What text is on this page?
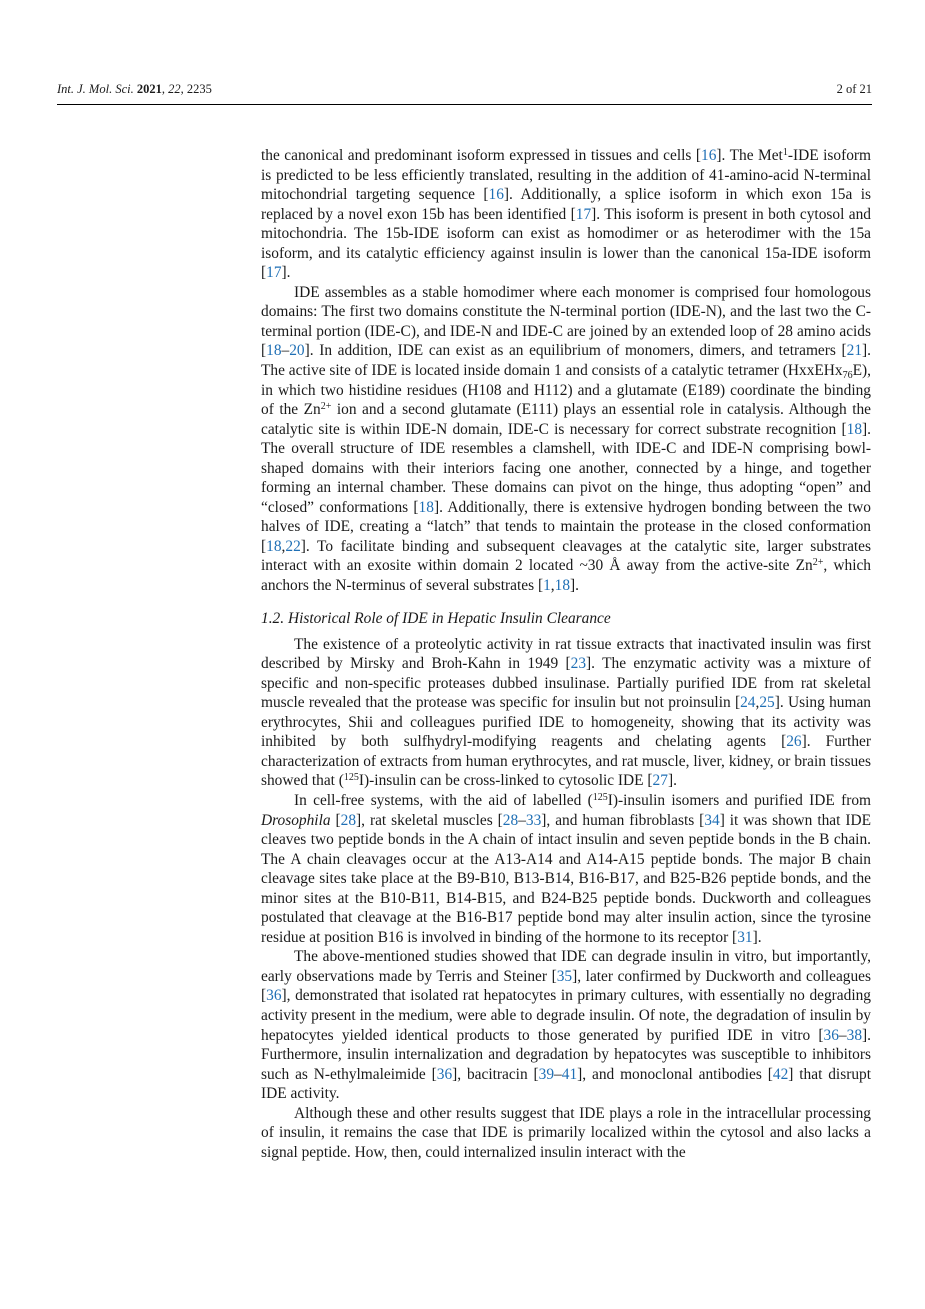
Int. J. Mol. Sci. 2021, 22, 2235	2 of 21

the canonical and predominant isoform expressed in tissues and cells [16]. The Met$^1$-IDE isoform is predicted to be less efficiently translated, resulting in the addition of 41-amino-acid N-terminal mitochondrial targeting sequence [16]. Additionally, a splice isoform in which exon 15a is replaced by a novel exon 15b has been identified [17]. This isoform is present in both cytosol and mitochondria. The 15b-IDE isoform can exist as homodimer or as heterodimer with the 15a isoform, and its catalytic efficiency against insulin is lower than the canonical 15a-IDE isoform [17].

IDE assembles as a stable homodimer where each monomer is comprised four homologous domains: The first two domains constitute the N-terminal portion (IDE-N), and the last two the C-terminal portion (IDE-C), and IDE-N and IDE-C are joined by an extended loop of 28 amino acids [18–20]. In addition, IDE can exist as an equilibrium of monomers, dimers, and tetramers [21]. The active site of IDE is located inside domain 1 and consists of a catalytic tetramer (HxxEHx$_{76}$E), in which two histidine residues (H108 and H112) and a glutamate (E189) coordinate the binding of the $Zn^{2+}$ ion and a second glutamate (E111) plays an essential role in catalysis. Although the catalytic site is within IDE-N domain, IDE-C is necessary for correct substrate recognition [18]. The overall structure of IDE resembles a clamshell, with IDE-C and IDE-N comprising bowl-shaped domains with their interiors facing one another, connected by a hinge, and together forming an internal chamber. These domains can pivot on the hinge, thus adopting “open” and “closed” conformations [18]. Additionally, there is extensive hydrogen bonding between the two halves of IDE, creating a “latch” that tends to maintain the protease in the closed conformation [18,22]. To facilitate binding and subsequent cleavages at the catalytic site, larger substrates interact with an exosite within domain 2 located ~30 Å away from the active-site $Zn^{2+}$, which anchors the N-terminus of several substrates [1,18].

1.2. Historical Role of IDE in Hepatic Insulin Clearance

The existence of a proteolytic activity in rat tissue extracts that inactivated insulin was first described by Mirsky and Broh-Kahn in 1949 [23]. The enzymatic activity was a mixture of specific and non-specific proteases dubbed insulinase. Partially purified IDE from rat skeletal muscle revealed that the protease was specific for insulin but not proinsulin [24,25]. Using human erythrocytes, Shii and colleagues purified IDE to homogeneity, showing that its activity was inhibited by both sulfhydryl-modifying reagents and chelating agents [26]. Further characterization of extracts from human erythrocytes, and rat muscle, liver, kidney, or brain tissues showed that ($^{125}$I)-insulin can be cross-linked to cytosolic IDE [27].

In cell-free systems, with the aid of labelled ($^{125}$I)-insulin isomers and purified IDE from Drosophila [28], rat skeletal muscles [28–33], and human fibroblasts [34] it was shown that IDE cleaves two peptide bonds in the A chain of intact insulin and seven peptide bonds in the B chain. The A chain cleavages occur at the A13-A14 and A14-A15 peptide bonds. The major B chain cleavage sites take place at the B9-B10, B13-B14, B16-B17, and B25-B26 peptide bonds, and the minor sites at the B10-B11, B14-B15, and B24-B25 peptide bonds. Duckworth and colleagues postulated that cleavage at the B16-B17 peptide bond may alter insulin action, since the tyrosine residue at position B16 is involved in binding of the hormone to its receptor [31].

The above-mentioned studies showed that IDE can degrade insulin in vitro, but importantly, early observations made by Terris and Steiner [35], later confirmed by Duckworth and colleagues [36], demonstrated that isolated rat hepatocytes in primary cultures, with essentially no degrading activity present in the medium, were able to degrade insulin. Of note, the degradation of insulin by hepatocytes yielded identical products to those generated by purified IDE in vitro [36–38]. Furthermore, insulin internalization and degradation by hepatocytes was susceptible to inhibitors such as N-ethylmaleimide [36], bacitracin [39–41], and monoclonal antibodies [42] that disrupt IDE activity.

Although these and other results suggest that IDE plays a role in the intracellular processing of insulin, it remains the case that IDE is primarily localized within the cytosol and also lacks a signal peptide. How, then, could internalized insulin interact with the
